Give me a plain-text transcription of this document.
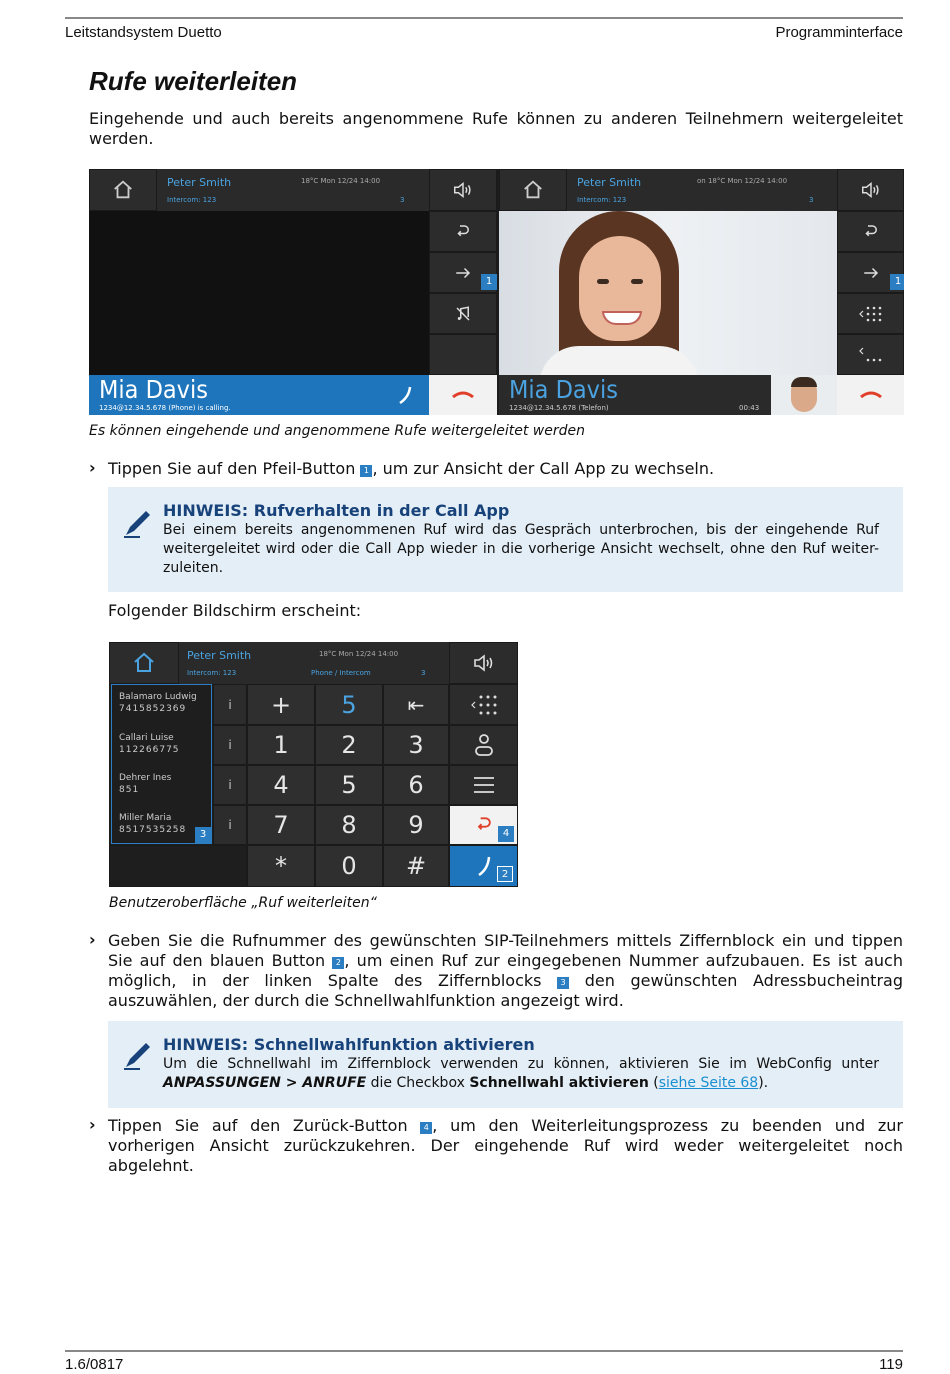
Leitstandsystem Duetto	Programminterface
Rufe weiterleiten
Eingehende und auch bereits angenommene Rufe können zu anderen Teilnehmern weitergeleitet werden.
Peter Smith
Intercom: 123
18°C Mon 12/24 14:00
3
1
Mia Davis
1234@12.34.5.678 (Phone) is calling.
Peter Smith
Intercom: 123
on 18°C Mon 12/24 14:00
3
1
Mia Davis
1234@12.34.5.678 (Telefon)	00:43
Es können eingehende und angenommene Rufe weitergeleitet werden
› Tippen Sie auf den Pfeil-Button 1 , um zur Ansicht der Call App zu wechseln.
HINWEIS: Rufverhalten in der Call App
Bei einem bereits angenommenen Ruf wird das Gespräch unterbrochen, bis der eingehende Ruf weitergeleitet wird oder die Call App wieder in die vorherige Ansicht wechselt, ohne den Ruf weiter-zuleiten.
Folgender Bildschirm erscheint:
Peter Smith
Intercom: 123
18°C Mon 12/24 14:00
Phone / Intercom	3
Balamaro Ludwig
7415852369
Callari Luise
112266775
Dehrer Ines
851
Miller Maria
8517535258	3
i
i
i
i
+	5	⇤
1	2	3
4	5	6
7	8	9
*	0	#
4
2
Benutzeroberfläche „Ruf weiterleiten“
› Geben Sie die Rufnummer des gewünschten SIP-Teilnehmers mittels Ziffernblock ein und tippen Sie auf den blauen Button 2 , um einen Ruf zur eingegebenen Nummer aufzubauen. Es ist auch möglich, in der linken Spalte des Ziffernblocks 3 den gewünschten Adressbucheintrag auszuwählen, der durch die Schnellwahlfunktion angezeigt wird.
HINWEIS: Schnellwahlfunktion aktivieren
Um die Schnellwahl im Ziffernblock verwenden zu können, aktivieren Sie im WebConfig unter
ANPASSUNGEN > ANRUFE die Checkbox Schnellwahl aktivieren (siehe Seite 68).
› Tippen Sie auf den Zurück-Button 4 , um den Weiterleitungsprozess zu beenden und zur vorherigen Ansicht zurückzukehren. Der eingehende Ruf wird weder weitergeleitet noch abgelehnt.
1.6/0817	119
